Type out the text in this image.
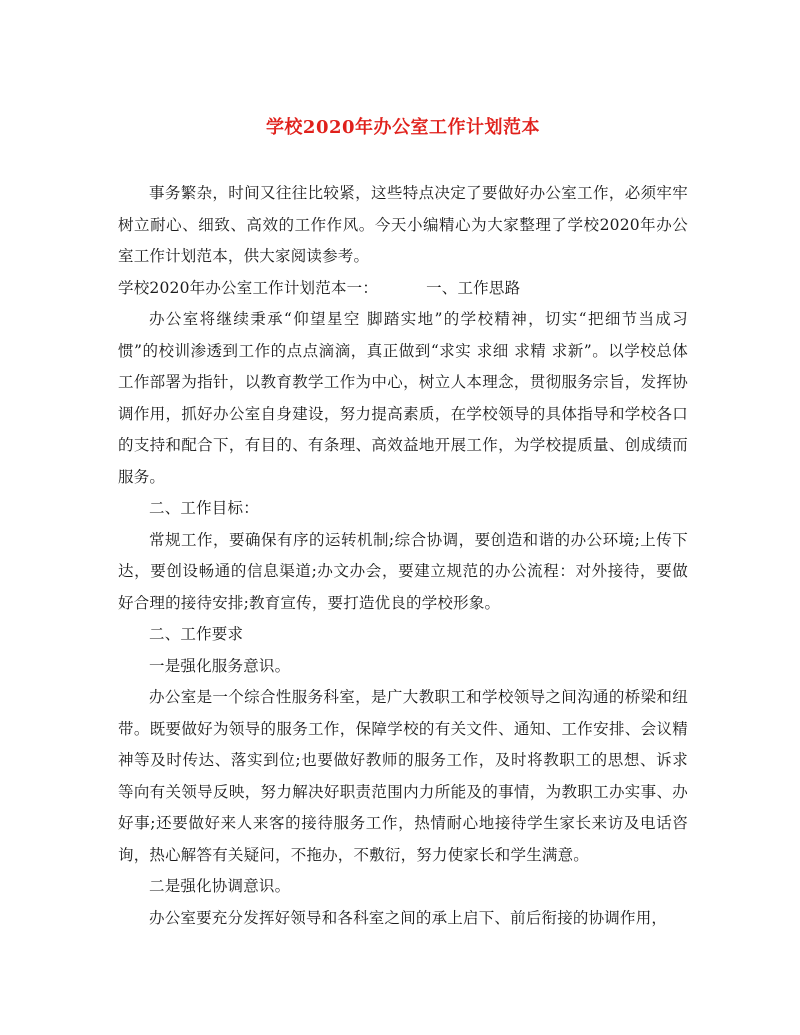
学校2020年办公室工作计划范本

事务繁杂，时间又往往比较紧，这些特点决定了要做好办公室工作，必须牢牢树立耐心、细致、高效的工作作风。今天小编精心为大家整理了学校2020年办公室工作计划范本，供大家阅读参考。

学校2020年办公室工作计划范本一：	一、工作思路

办公室将继续秉承“仰望星空 脚踏实地”的学校精神，切实“把细节当成习惯”的校训渗透到工作的点点滴滴，真正做到“求实 求细 求精 求新”。以学校总体工作部署为指针，以教育教学工作为中心，树立人本理念，贯彻服务宗旨，发挥协调作用，抓好办公室自身建设，努力提高素质，在学校领导的具体指导和学校各口的支持和配合下，有目的、有条理、高效益地开展工作，为学校提质量、创成绩而服务。

二、工作目标：

常规工作，要确保有序的运转机制;综合协调，要创造和谐的办公环境;上传下达，要创设畅通的信息渠道;办文办会，要建立规范的办公流程：对外接待，要做好合理的接待安排;教育宣传，要打造优良的学校形象。

二、工作要求

一是强化服务意识。

办公室是一个综合性服务科室，是广大教职工和学校领导之间沟通的桥梁和纽带。既要做好为领导的服务工作，保障学校的有关文件、通知、工作安排、会议精神等及时传达、落实到位;也要做好教师的服务工作，及时将教职工的思想、诉求等向有关领导反映，努力解决好职责范围内力所能及的事情，为教职工办实事、办好事;还要做好来人来客的接待服务工作，热情耐心地接待学生家长来访及电话咨询，热心解答有关疑问，不拖办，不敷衍，努力使家长和学生满意。

二是强化协调意识。

办公室要充分发挥好领导和各科室之间的承上启下、前后衔接的协调作用，
